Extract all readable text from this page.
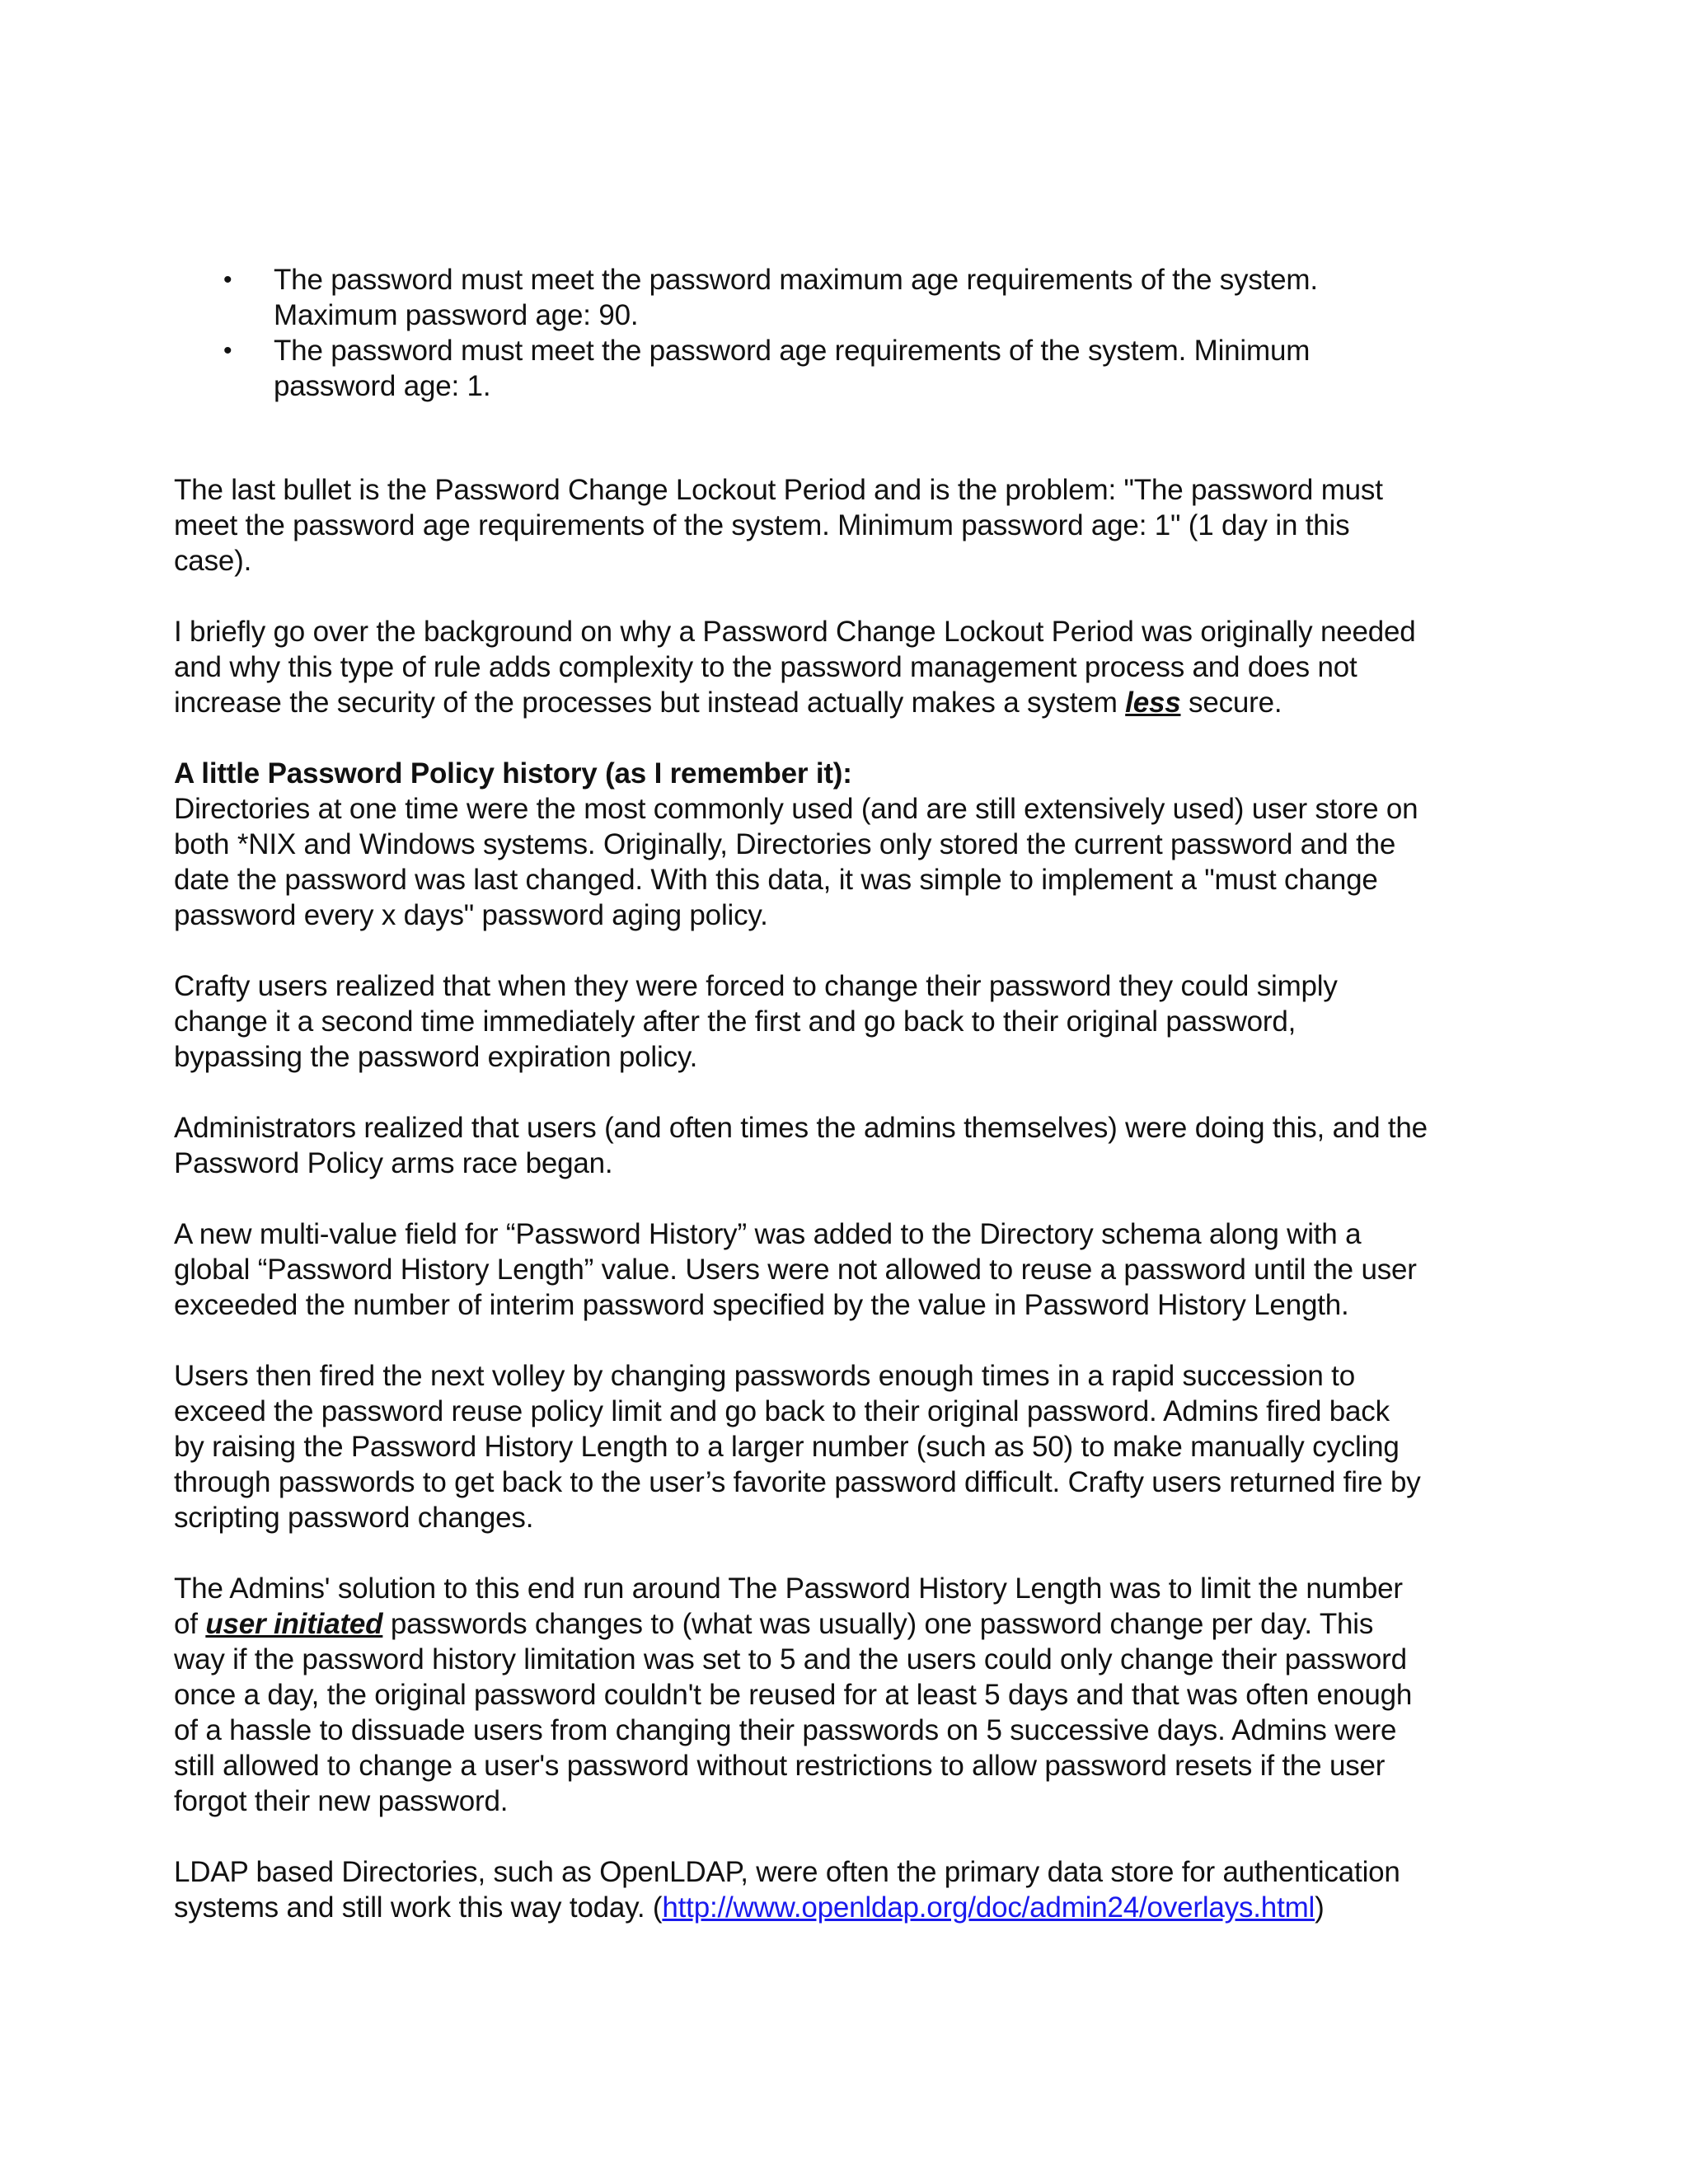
• The password must meet the password maximum age requirements of the system.
Maximum password age: 90.
• The password must meet the password age requirements of the system. Minimum
password age: 1.
The last bullet is the Password Change Lockout Period and is the problem: "The password must
meet the password age requirements of the system. Minimum password age: 1" (1 day in this
case).
I briefly go over the background on why a Password Change Lockout Period was originally needed
and why this type of rule adds complexity to the password management process and does not
increase the security of the processes but instead actually makes a system less secure.
A little Password Policy history (as I remember it):
Directories at one time were the most commonly used (and are still extensively used) user store on
both *NIX and Windows systems. Originally, Directories only stored the current password and the
date the password was last changed. With this data, it was simple to implement a "must change
password every x days" password aging policy.
Crafty users realized that when they were forced to change their password they could simply
change it a second time immediately after the first and go back to their original password,
bypassing the password expiration policy.
Administrators realized that users (and often times the admins themselves) were doing this, and the
Password Policy arms race began.
A new multi-value field for “Password History” was added to the Directory schema along with a
global “Password History Length” value. Users were not allowed to reuse a password until the user
exceeded the number of interim password specified by the value in Password History Length.
Users then fired the next volley by changing passwords enough times in a rapid succession to
exceed the password reuse policy limit and go back to their original password. Admins fired back
by raising the Password History Length to a larger number (such as 50) to make manually cycling
through passwords to get back to the user’s favorite password difficult. Crafty users returned fire by
scripting password changes.
The Admins' solution to this end run around The Password History Length was to limit the number
of user initiated passwords changes to (what was usually) one password change per day. This
way if the password history limitation was set to 5 and the users could only change their password
once a day, the original password couldn't be reused for at least 5 days and that was often enough
of a hassle to dissuade users from changing their passwords on 5 successive days. Admins were
still allowed to change a user's password without restrictions to allow password resets if the user
forgot their new password.
LDAP based Directories, such as OpenLDAP, were often the primary data store for authentication
systems and still work this way today. (http://www.openldap.org/doc/admin24/overlays.html)
